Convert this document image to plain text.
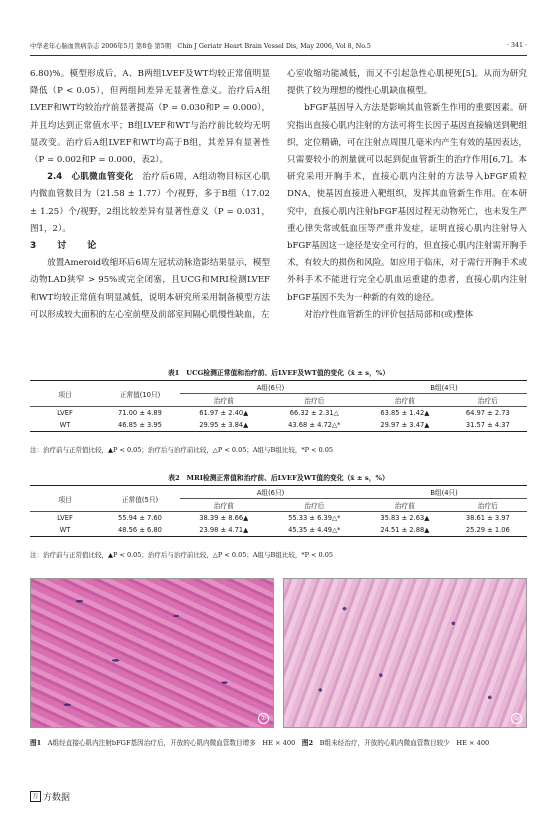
中华老年心脑血管病杂志 2006年5月 第8卷 第5期　Chin J Geriatr Heart Brain Vessel Dis, May 2006, Vol 8, No.5	· 341 ·

6.80)%。模型形成后，A、B两组LVEF及WT均较正常值明显降低（P < 0.05），但两组间差异无显著性意义。治疗后A组LVEF和WT均较治疗前显著提高（P = 0.030和P = 0.000），并且均达到正常值水平；B组LVEF和WT与治疗前比较均无明显改变。治疗后A组LVEF和WT均高于B组，其差异有显著性（P = 0.002和P = 0.000，表2）。

2.4　心肌微血管变化　 治疗后6周，A组动物目标区心肌内微血管数目为（21.58 ± 1.77）个/视野，多于B组（17.02 ± 1.25）个/视野，2组比较差异有显著性意义（P = 0.031，图1，2）。

3　讨　论

放置Ameroid收缩环后6周左冠状动脉造影结果显示，模型动物LAD狭窄 > 95%或完全闭塞，且UCG和MRI检测LVEF和WT均较正常值有明显减低，说明本研究所采用制备模型方法可以形成较大面积的左心室前壁及前部室间隔心肌慢性缺血，左

心室收缩功能减低，而又不引起急性心肌梗死[5]。从而为研究提供了较为理想的慢性心肌缺血模型。

bFGF基因导入方法是影响其血管新生作用的重要因素。研究指出直接心肌内注射的方法可将生长因子基因直接输送到靶组织，定位精确，可在注射点周围几毫米内产生有效的基因表达，只需要较小的剂量就可以起到促血管新生的治疗作用[6,7]。本研究采用开胸手术，直接心肌内注射的方法导入bFGF质粒DNA，使基因直接进入靶组织，发挥其血管新生作用。在本研究中，直接心肌内注射bFGF基因过程无动物死亡，也未发生严重心律失常或低血压等严重并发症，证明直接心肌内注射导入bFGF基因这一途径是安全可行的，但直接心肌内注射需开胸手术，有较大的损伤和风险。如应用于临床，对于需行开胸手术或外科手术不能进行完全心肌血运重建的患者，直接心肌内注射bFGF基因不失为一种新的有效的途径。

对治疗性血管新生的评价包括局部和(或)整体

表1　UCG检测正常值和治疗前、后LVEF及WT值的变化（x̄ ± s，%）
项目	正常值(10只)	A组(6只)		B组(4只)	
		治疗前	治疗后	治疗前	治疗后
LVEF	71.00 ± 4.89	61.97 ± 2.40▲	66.32 ± 2.31△	63.85 ± 1.42▲	64.97 ± 2.73
WT	46.85 ± 3.95	29.95 ± 3.84▲	43.68 ± 4.72△*	29.97 ± 3.47▲	31.57 ± 4.37
注：治疗前与正常值比较，▲P < 0.05；治疗后与治疗前比较，△P < 0.05；A组与B组比较，*P < 0.05
表2　MRI检测正常值和治疗前、后LVEF及WT值的变化（x̄ ± s，%）
项目	正常值(5只)	A组(6只)		B组(4只)	
		治疗前	治疗后	治疗前	治疗后
LVEF	55.94 ± 7.60	38.39 ± 8.66▲	55.33 ± 6.39△*	35.83 ± 2.63▲	38.61 ± 3.97
WT	48.56 ± 6.80	23.98 ± 4.71▲	45.35 ± 4.49△*	24.51 ± 2.88▲	25.29 ± 1.06
注：治疗前与正常值比较，▲P < 0.05；治疗后与治疗前比较，△P < 0.05；A组与B组比较，*P < 0.05
①	②
图1　 A组经直接心肌内注射bFGF基因治疗后，开放的心肌内微血管数目增多　HE × 400　 图2　 B组未经治疗，开放的心肌内微血管数目较少　HE × 400
万 方数据
